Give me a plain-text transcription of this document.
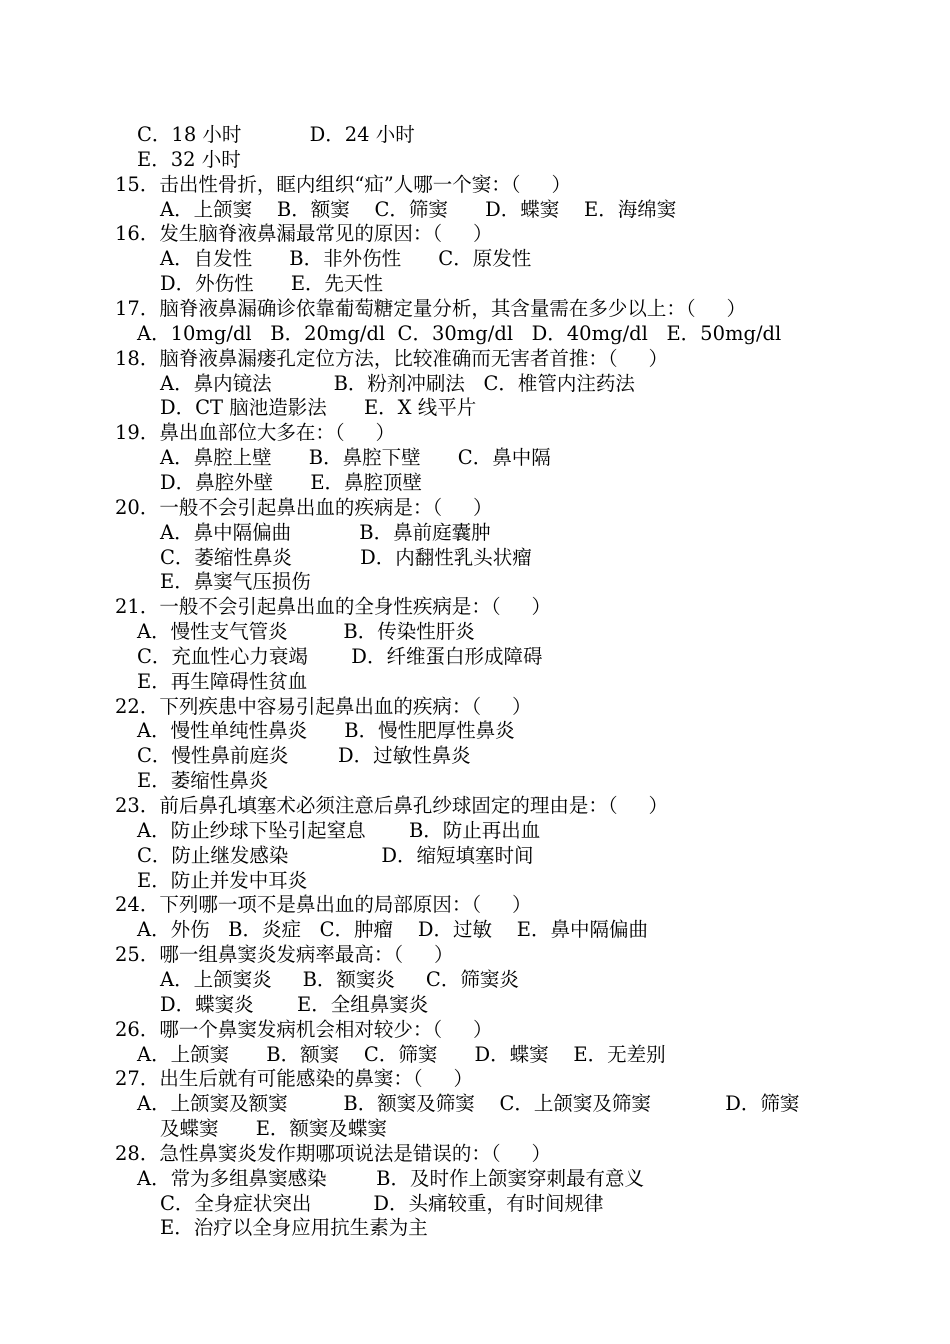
C．18 小时           D．24 小时
E．32 小时
15．击出性骨折，眶内组织“疝”人哪一个窦：（     ）
A．上颌窦    B．额窦    C．筛窦      D．蝶窦    E．海绵窦
16．发生脑脊液鼻漏最常见的原因：（     ）
A．自发性      B．非外伤性      C．原发性
D．外伤性      E．先天性
17．脑脊液鼻漏确诊依靠葡萄糖定量分析，其含量需在多少以上：（     ）
A．10mg/dl   B．20mg/dl  C．30mg/dl   D．40mg/dl   E．50mg/dl
18．脑脊液鼻漏瘘孔定位方法，比较准确而无害者首推：（     ）
A．鼻内镜法          B．粉剂冲刷法   C．椎管内注药法
D．CT 脑池造影法      E．X 线平片
19．鼻出血部位大多在：（     ）
A．鼻腔上壁      B．鼻腔下壁      C．鼻中隔
D．鼻腔外壁      E．鼻腔顶壁
20．一般不会引起鼻出血的疾病是：（     ）
A．鼻中隔偏曲           B．鼻前庭囊肿
C．萎缩性鼻炎           D．内翻性乳头状瘤
E．鼻窦气压损伤
21．一般不会引起鼻出血的全身性疾病是：（     ）
A．慢性支气管炎         B．传染性肝炎
C．充血性心力衰竭       D．纤维蛋白形成障碍
E．再生障碍性贫血
22．下列疾患中容易引起鼻出血的疾病：（     ）
A．慢性单纯性鼻炎      B．慢性肥厚性鼻炎
C．慢性鼻前庭炎        D．过敏性鼻炎
E．萎缩性鼻炎
23．前后鼻孔填塞术必须注意后鼻孔纱球固定的理由是：（     ）
A．防止纱球下坠引起窒息       B．防止再出血
C．防止继发感染               D．缩短填塞时间
E．防止并发中耳炎
24．下列哪一项不是鼻出血的局部原因：（     ）
A．外伤   B．炎症   C．肿瘤    D．过敏    E．鼻中隔偏曲
25．哪一组鼻窦炎发病率最高：（     ）
A．上颌窦炎     B．额窦炎     C．筛窦炎
D．蝶窦炎       E．全组鼻窦炎
26．哪一个鼻窦发病机会相对较少：（     ）
A．上颌窦      B．额窦    C．筛窦      D．蝶窦    E．无差别
27．出生后就有可能感染的鼻窦：（     ）
A．上颌窦及额窦         B．额窦及筛窦    C．上颌窦及筛窦            D．筛窦
及蝶窦      E．额窦及蝶窦
28．急性鼻窦炎发作期哪项说法是错误的：（     ）
A．常为多组鼻窦感染        B．及时作上颌窦穿刺最有意义
C．全身症状突出          D．头痛较重，有时间规律
E．治疗以全身应用抗生素为主
